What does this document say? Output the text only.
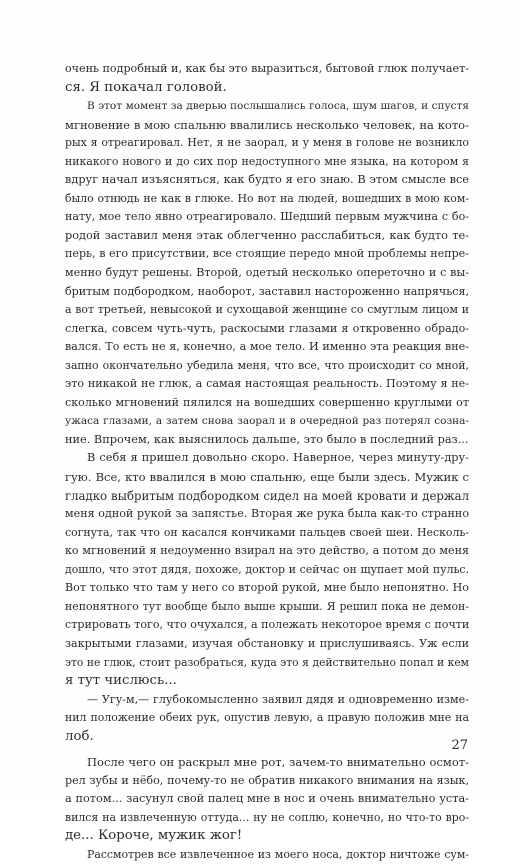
очень подробный и, как бы это выразиться, бытовой глюк получает-
ся. Я покачал головой.
В этот момент за дверью послышались голоса, шум шагов, и спустя
мгновение в мою спальню ввалились несколько человек, на кото-
рых я отреагировал. Нет, я не заорал, и у меня в голове не возникло
никакого нового и до сих пор недоступного мне языка, на котором я
вдруг начал изъясняться, как будто я его знаю. В этом смысле все
было отнюдь не как в глюке. Но вот на людей, вошедших в мою ком-
нату, мое тело явно отреагировало. Шедший первым мужчина с бо-
родой заставил меня этак облегченно расслабиться, как будто те-
перь, в его присутствии, все стоящие передо мной проблемы непре-
менно будут решены. Второй, одетый несколько опереточно и с вы-
бритым подбородком, наоборот, заставил настороженно напрячься,
а вот третьей, невысокой и сухощавой женщине со смуглым лицом и
слегка, совсем чуть-чуть, раскосыми глазами я откровенно обрадо-
вался. То есть не я, конечно, а мое тело. И именно эта реакция вне-
запно окончательно убедила меня, что все, что происходит со мной,
это никакой не глюк, а самая настоящая реальность. Поэтому я не-
сколько мгновений пялился на вошедших совершенно круглыми от
ужаса глазами, а затем снова заорал и в очередной раз потерял созна-
ние. Впрочем, как выяснилось дальше, это было в последний раз...
В себя я пришел довольно скоро. Наверное, через минуту-дру-
гую. Все, кто ввалился в мою спальню, еще были здесь. Мужик с
гладко выбритым подбородком сидел на моей кровати и держал
меня одной рукой за запястье. Вторая же рука была как-то странно
согнута, так что он касался кончиками пальцев своей шеи. Несколь-
ко мгновений я недоуменно взирал на это действо, а потом до меня
дошло, что этот дядя, похоже, доктор и сейчас он щупает мой пульс.
Вот только что там у него со второй рукой, мне было непонятно. Но
непонятного тут вообще было выше крыши. Я решил пока не демон-
стрировать того, что очухался, а полежать некоторое время с почти
закрытыми глазами, изучая обстановку и прислушиваясь. Уж если
это не глюк, стоит разобраться, куда это я действительно попал и кем
я тут числюсь...
— Угу-м,— глубокомысленно заявил дядя и одновременно изме-
нил положение обеих рук, опустив левую, а правую положив мне на
лоб.
После чего он раскрыл мне рот, зачем-то внимательно осмот-
рел зубы и нёбо, почему-то не обратив никакого внимания на язык,
а потом... засунул свой палец мне в нос и очень внимательно уста-
вился на извлеченную оттуда... ну не соплю, конечно, но что-то вро-
де... Короче, мужик жог!
Рассмотрев все извлеченное из моего носа, доктор ничтоже сум-
27
